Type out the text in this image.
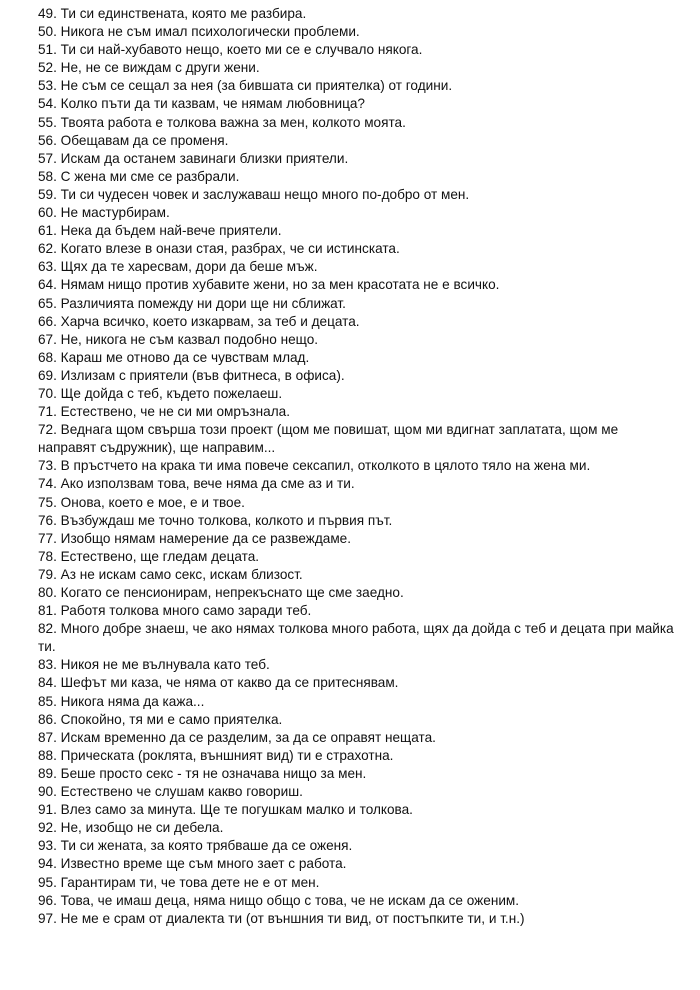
49. Ти си единствената, която ме разбира.
50. Никога не съм имал психологически проблеми.
51. Ти си най-хубавото нещо, което ми се е случвало някога.
52. Не, не се виждам с други жени.
53. Не съм се сещал за нея (за бившата си приятелка) от години.
54. Колко пъти да ти казвам, че нямам любовница?
55. Твоята работа е толкова важна за мен, колкото моята.
56. Обещавам да се променя.
57. Искам да останем завинаги близки приятели.
58. С жена ми сме се разбрали.
59. Ти си чудесен човек и заслужаваш нещо много по-добро от мен.
60. Не мастурбирам.
61. Нека да бъдем най-вече приятели.
62. Когато влезе в онази стая, разбрах, че си истинската.
63. Щях да те харесвам, дори да беше мъж.
64. Нямам нищо против хубавите жени, но за мен красотата не е всичко.
65. Различията помежду ни дори ще ни сближат.
66. Харча всичко, което изкарвам, за теб и децата.
67. Не, никога не съм казвал подобно нещо.
68. Караш ме отново да се чувствам млад.
69. Излизам с приятели (във фитнеса, в офиса).
70. Ще дойда с теб, където пожелаеш.
71. Естествено, че не си ми омръзнала.
72. Веднага щом свърша този проект (щом ме повишат, щом ми вдигнат заплатата, щом ме направят съдружник), ще направим...
73. В пръстчето на крака ти има повече сексапил, отколкото в цялото тяло на жена ми.
74. Ако използвам това, вече няма да сме аз и ти.
75. Онова, което е мое, е и твое.
76. Възбуждаш ме точно толкова, колкото и първия път.
77. Изобщо нямам намерение да се развеждаме.
78. Естествено, ще гледам децата.
79. Аз не искам само секс, искам близост.
80. Когато се пенсионирам, непрекъснато ще сме заедно.
81. Работя толкова много само заради теб.
82. Много добре знаеш, че ако нямах толкова много работа, щях да дойда с теб и децата при майка ти.
83. Никоя не ме вълнувала като теб.
84. Шефът ми каза, че няма от какво да се притеснявам.
85. Никога няма да кажа...
86. Спокойно, тя ми е само приятелка.
87. Искам временно да се разделим, за да се оправят нещата.
88. Прическата (роклята, външният вид) ти е страхотна.
89. Беше просто секс - тя не означава нищо за мен.
90. Естествено че слушам какво говориш.
91. Влез само за минута. Ще те погушкам малко и толкова.
92. Не, изобщо не си дебела.
93. Ти си жената, за която трябваше да се оженя.
94. Известно време ще съм много зает с работа.
95. Гарантирам ти, че това дете не е от мен.
96. Това, че имаш деца, няма нищо общо с това, че не искам да се оженим.
97. Не ме е срам от диалекта ти (от външния ти вид, от постъпките ти, и т.н.)
